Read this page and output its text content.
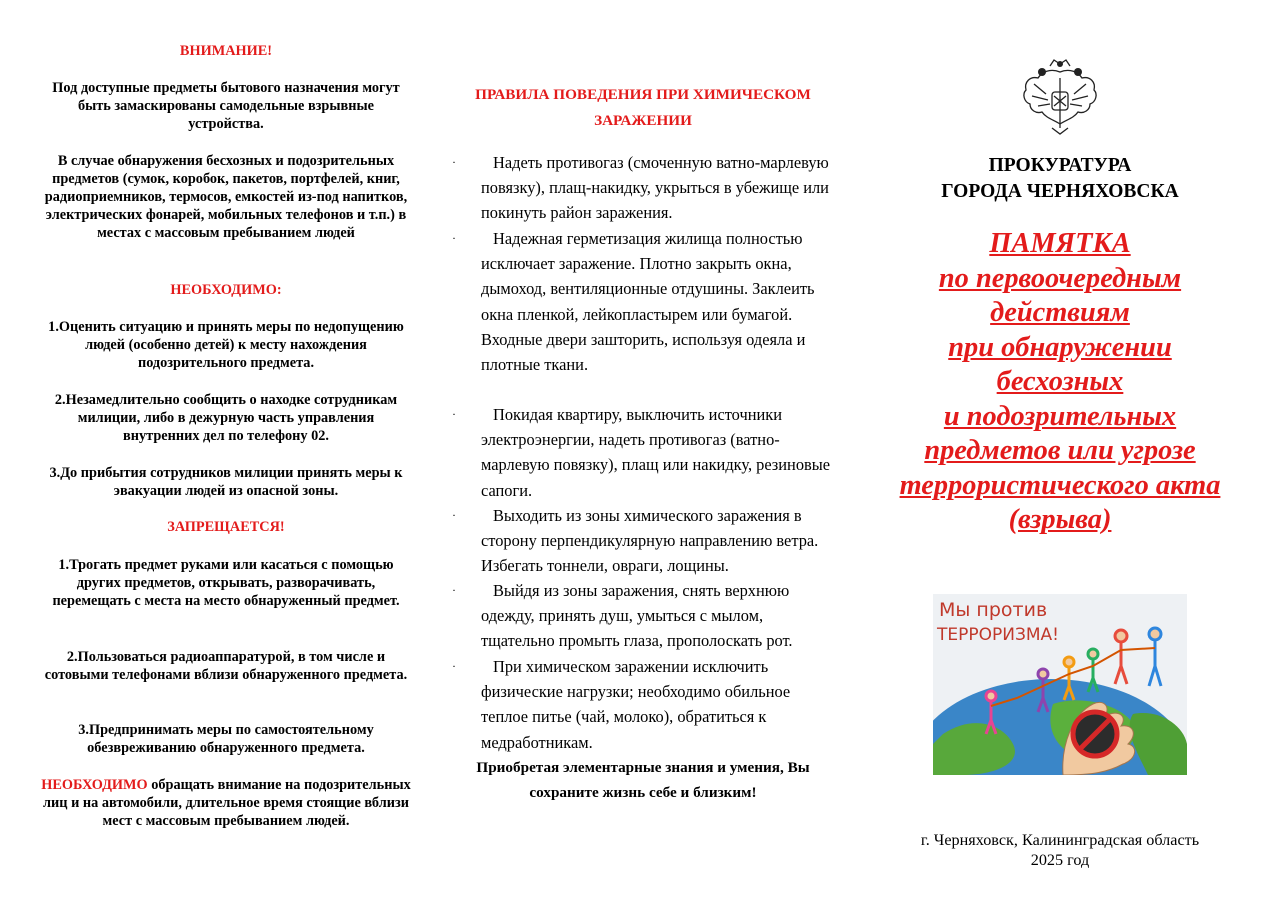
ВНИМАНИЕ!

Под доступные предметы бытового назначения могут быть замаскированы самодельные взрывные устройства.

В случае обнаружения бесхозных и подозрительных предметов (сумок, коробок, пакетов, портфелей, книг, радиоприемников, термосов, емкостей из-под напитков, электрических фонарей, мобильных телефонов и т.п.) в местах с массовым пребыванием людей

НЕОБХОДИМО:

1.Оценить ситуацию и принять меры по недопущению людей (особенно детей) к месту нахождения подозрительного предмета.

2.Незамедлительно сообщить о находке сотрудникам милиции, либо в дежурную часть управления внутренних дел по телефону 02.

3.До прибытия сотрудников милиции принять меры к эвакуации людей из опасной зоны.

ЗАПРЕЩАЕТСЯ!

1.Трогать предмет руками или касаться с помощью других предметов, открывать, разворачивать, перемещать с места на место обнаруженный предмет.

2.Пользоваться радиоаппаратурой, в том числе и сотовыми телефонами вблизи обнаруженного предмета.

3.Предпринимать меры по самостоятельному обезвреживанию обнаруженного предмета.

НЕОБХОДИМО обращать внимание на подозрительных лиц и на автомобили, длительное время стоящие вблизи мест с массовым пребыванием людей.

ПРАВИЛА ПОВЕДЕНИЯ ПРИ ХИМИЧЕСКОМ ЗАРАЖЕНИИ
·	Надеть противогаз (смоченную ватно-марлевую повязку), плащ-накидку, укрыться в убежище или покинуть район заражения.
·	Надежная герметизация жилища полностью исключает заражение. Плотно закрыть окна, дымоход, вентиляционные отдушины. Заклеить окна пленкой, лейкопластырем или бумагой. Входные двери зашторить, используя одеяла и плотные ткани.
·	Покидая квартиру, выключить источники электроэнергии, надеть противогаз (ватно-марлевую повязку), плащ или накидку, резиновые сапоги.
·	Выходить из зоны химического заражения в сторону перпендикулярную направлению ветра. Избегать тоннели, овраги, лощины.
·	Выйдя из зоны заражения, снять верхнюю одежду, принять душ, умыться с мылом, тщательно промыть глаза, прополоскать рот.
·	При химическом заражении исключить физические нагрузки; необходимо обильное теплое питье (чай, молоко), обратиться к медработникам.
Приобретая элементарные знания и умения, Вы сохраните жизнь себе и близким!
ПРОКУРАТУРА
ГОРОДА ЧЕРНЯХОВСКА
ПАМЯТКА
по первоочередным
действиям
при обнаружении
бесхозных
и подозрительных
предметов или угрозе
террористического акта
(взрыва)
Мы против
ТЕРРОРИЗМА!
г. Черняховск, Калининградская область
2025 год
